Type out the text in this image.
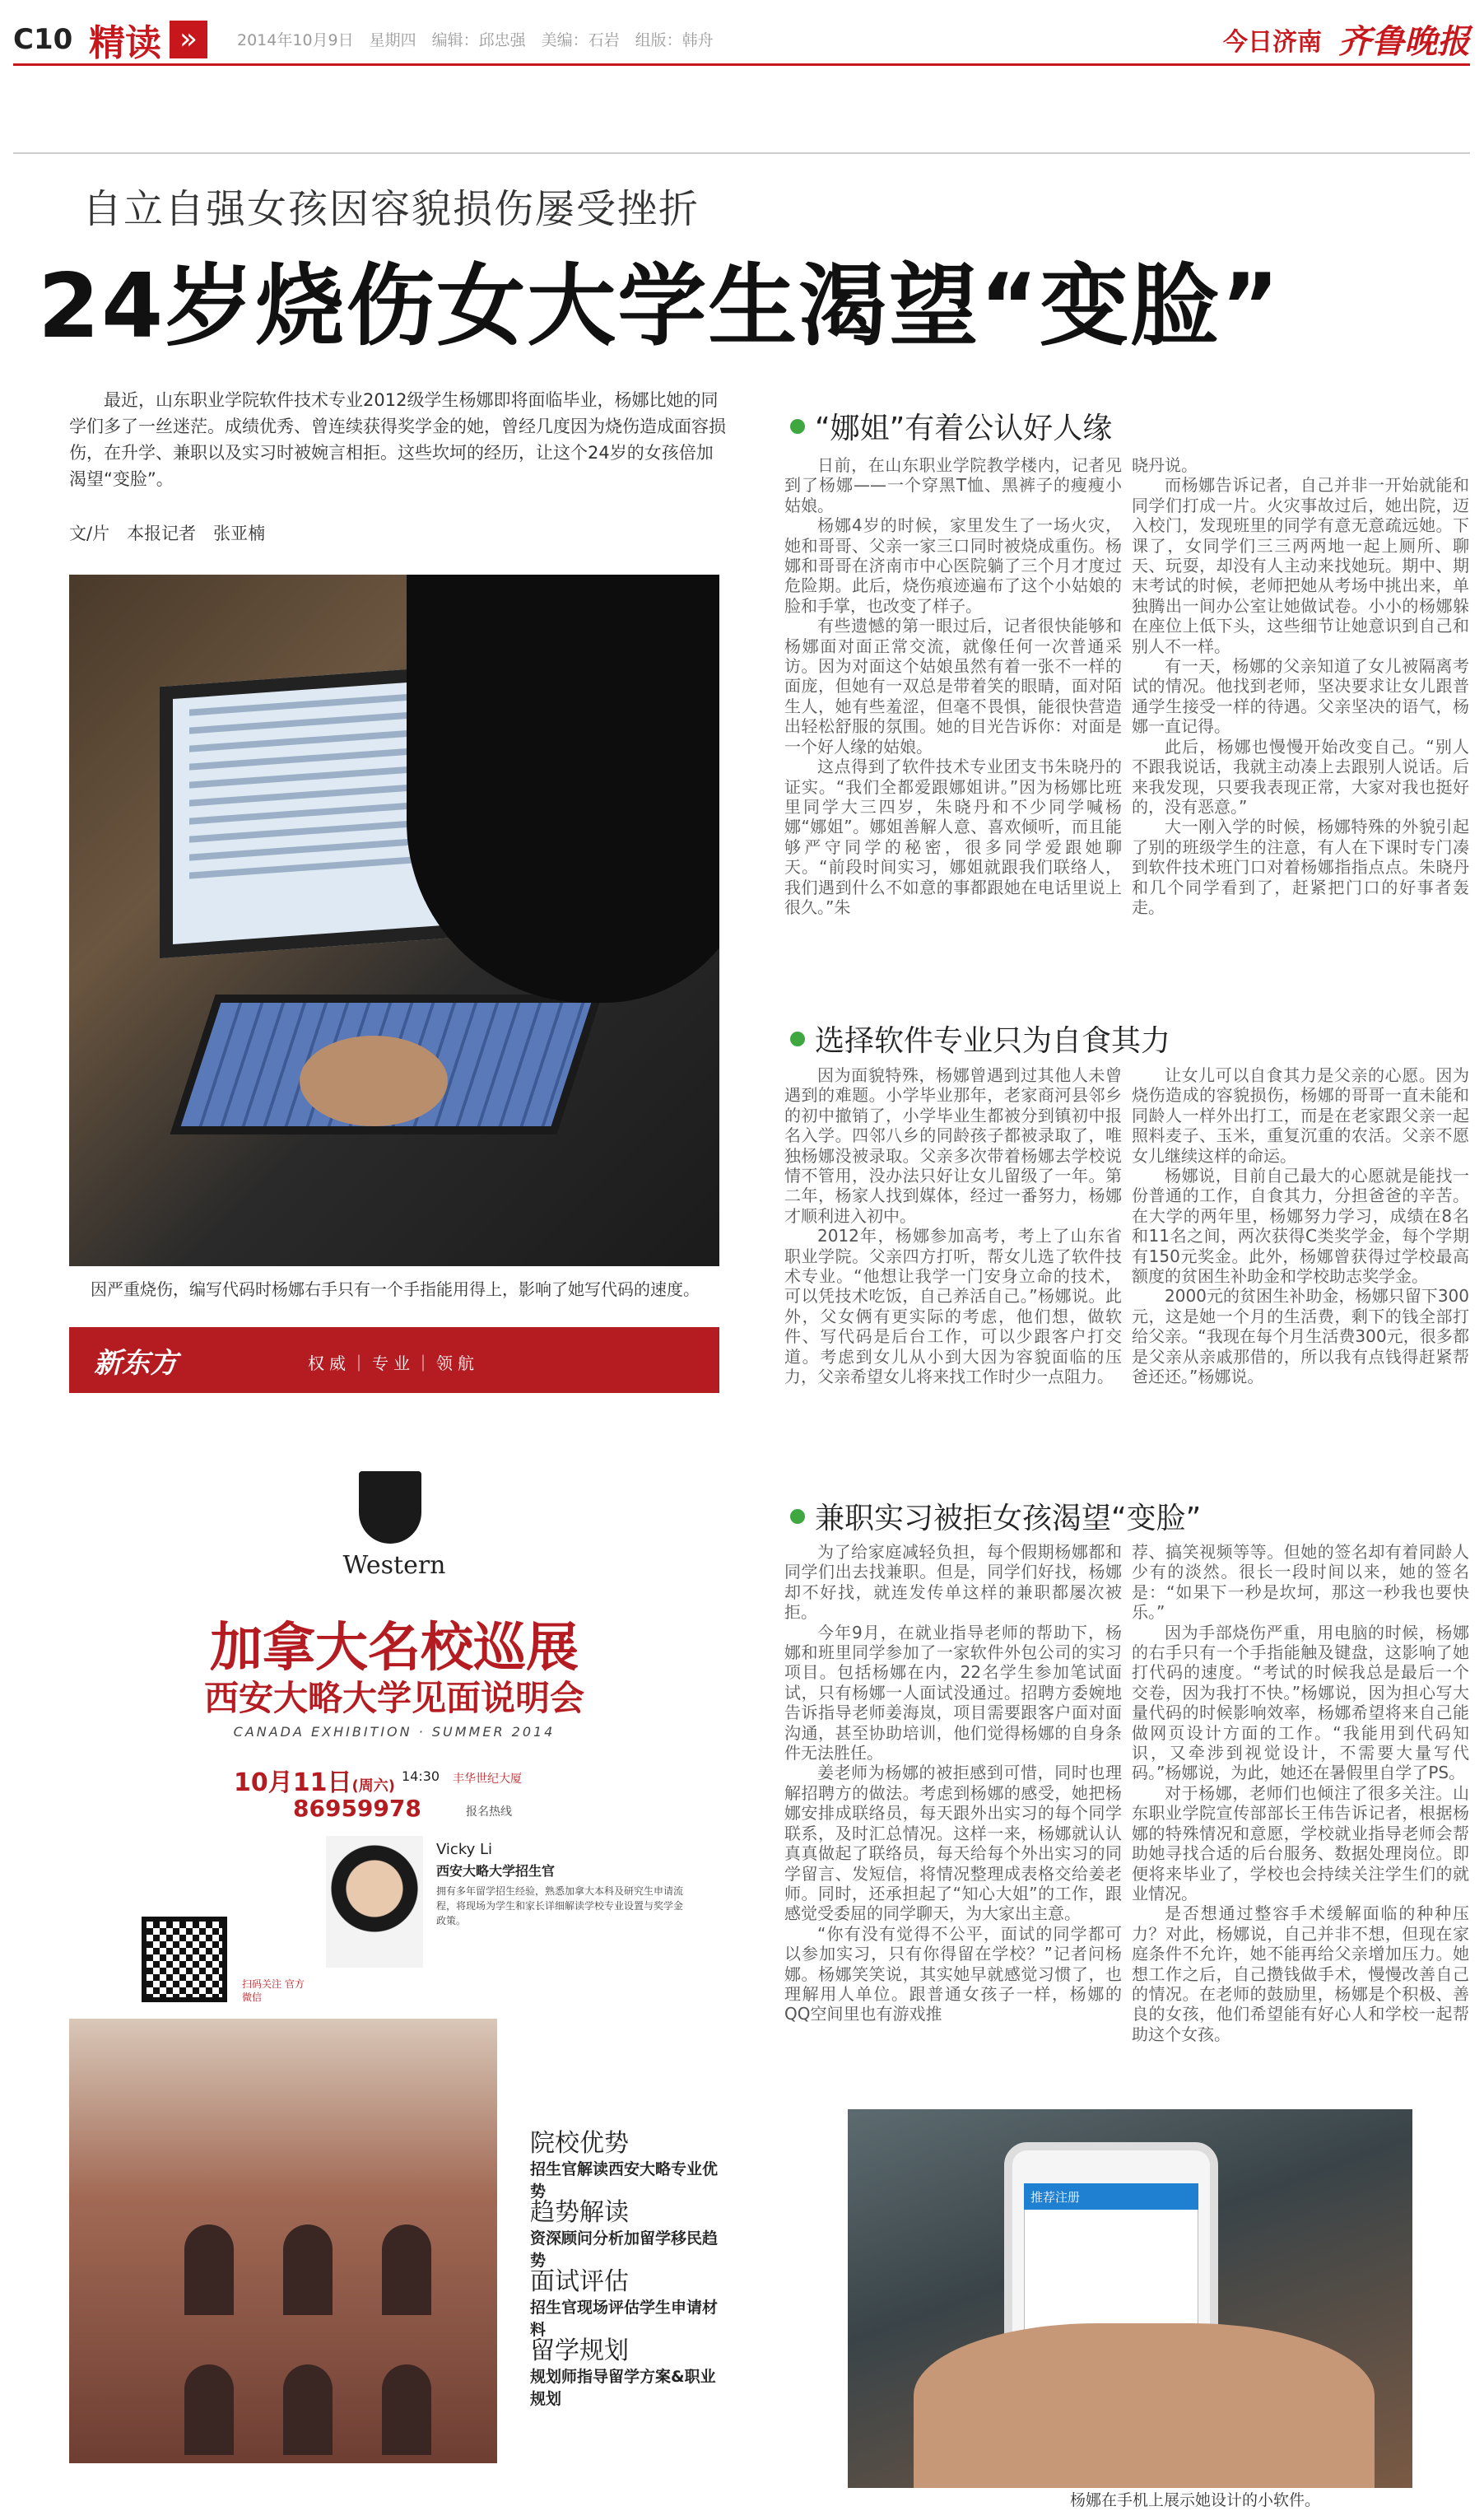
C10 精读 »	2014年10月9日　星期四　编辑：邱忠强　美编：石岩　组版：韩舟	今日济南 齐鲁晚报
自立自强女孩因容貌损伤屡受挫折
24岁烧伤女大学生渴望“变脸”

最近，山东职业学院软件技术专业2012级学生杨娜即将面临毕业，杨娜比她的同学们多了一丝迷茫。成绩优秀、曾连续获得奖学金的她，曾经几度因为烧伤造成面容损伤，在升学、兼职以及实习时被婉言相拒。这些坎坷的经历，让这个24岁的女孩倍加渴望“变脸”。

文/片　本报记者　张亚楠
因严重烧伤，编写代码时杨娜右手只有一个手指能用得上，影响了她写代码的速度。
新东方	权威｜专业｜领航
Western
加拿大名校巡展
西安大略大学见面说明会
CANADA EXHIBITION · SUMMER 2014
10月11日(周六)
14:30 丰华世纪大厦
86959978	报名热线
Vicky Li
西安大略大学招生官
拥有多年留学招生经验，熟悉加拿大本科及研究生申请流程，将现场为学生和家长详细解读学校专业设置与奖学金政策。
扫码关注 官方微信
院校优势
招生官解读西安大略专业优势
趋势解读
资深顾问分析加留学移民趋势
面试评估
招生官现场评估学生申请材料
留学规划
规划师指导留学方案&职业规划
“娜姐”有着公认好人缘

日前，在山东职业学院教学楼内，记者见到了杨娜——一个穿黑T恤、黑裤子的瘦瘦小姑娘。

杨娜4岁的时候，家里发生了一场火灾，她和哥哥、父亲一家三口同时被烧成重伤。杨娜和哥哥在济南市中心医院躺了三个月才度过危险期。此后，烧伤痕迹遍布了这个小姑娘的脸和手掌，也改变了样子。

有些遗憾的第一眼过后，记者很快能够和杨娜面对面正常交流，就像任何一次普通采访。因为对面这个姑娘虽然有着一张不一样的面庞，但她有一双总是带着笑的眼睛，面对陌生人，她有些羞涩，但毫不畏惧，能很快营造出轻松舒服的氛围。她的目光告诉你：对面是一个好人缘的姑娘。

这点得到了软件技术专业团支书朱晓丹的证实。“我们全都爱跟娜姐讲。”因为杨娜比班里同学大三四岁，朱晓丹和不少同学喊杨娜“娜姐”。娜姐善解人意、喜欢倾听，而且能够严守同学的秘密，很多同学爱跟她聊天。“前段时间实习，娜姐就跟我们联络人，我们遇到什么不如意的事都跟她在电话里说上很久。”朱

晓丹说。

而杨娜告诉记者，自己并非一开始就能和同学们打成一片。火灾事故过后，她出院，迈入校门，发现班里的同学有意无意疏远她。下课了，女同学们三三两两地一起上厕所、聊天、玩耍，却没有人主动来找她玩。期中、期末考试的时候，老师把她从考场中挑出来，单独腾出一间办公室让她做试卷。小小的杨娜躲在座位上低下头，这些细节让她意识到自己和别人不一样。

有一天，杨娜的父亲知道了女儿被隔离考试的情况。他找到老师，坚决要求让女儿跟普通学生接受一样的待遇。父亲坚决的语气，杨娜一直记得。

此后，杨娜也慢慢开始改变自己。“别人不跟我说话，我就主动凑上去跟别人说话。后来我发现，只要我表现正常，大家对我也挺好的，没有恶意。”

大一刚入学的时候，杨娜特殊的外貌引起了别的班级学生的注意，有人在下课时专门凑到软件技术班门口对着杨娜指指点点。朱晓丹和几个同学看到了，赶紧把门口的好事者轰走。

选择软件专业只为自食其力

因为面貌特殊，杨娜曾遇到过其他人未曾遇到的难题。小学毕业那年，老家商河县邻乡的初中撤销了，小学毕业生都被分到镇初中报名入学。四邻八乡的同龄孩子都被录取了，唯独杨娜没被录取。父亲多次带着杨娜去学校说情不管用，没办法只好让女儿留级了一年。第二年，杨家人找到媒体，经过一番努力，杨娜才顺利进入初中。

2012年，杨娜参加高考，考上了山东省职业学院。父亲四方打听，帮女儿选了软件技术专业。“他想让我学一门安身立命的技术，可以凭技术吃饭，自己养活自己。”杨娜说。此外，父女俩有更实际的考虑，他们想，做软件、写代码是后台工作，可以少跟客户打交道。考虑到女儿从小到大因为容貌面临的压力，父亲希望女儿将来找工作时少一点阻力。

让女儿可以自食其力是父亲的心愿。因为烧伤造成的容貌损伤，杨娜的哥哥一直未能和同龄人一样外出打工，而是在老家跟父亲一起照料麦子、玉米，重复沉重的农活。父亲不愿女儿继续这样的命运。

杨娜说，目前自己最大的心愿就是能找一份普通的工作，自食其力，分担爸爸的辛苦。在大学的两年里，杨娜努力学习，成绩在8名和11名之间，两次获得C类奖学金，每个学期有150元奖金。此外，杨娜曾获得过学校最高额度的贫困生补助金和学校助志奖学金。

2000元的贫困生补助金，杨娜只留下300元，这是她一个月的生活费，剩下的钱全部打给父亲。“我现在每个月生活费300元，很多都是父亲从亲戚那借的，所以我有点钱得赶紧帮爸还还。”杨娜说。

兼职实习被拒女孩渴望“变脸”

为了给家庭减轻负担，每个假期杨娜都和同学们出去找兼职。但是，同学们好找，杨娜却不好找，就连发传单这样的兼职都屡次被拒。

今年9月，在就业指导老师的帮助下，杨娜和班里同学参加了一家软件外包公司的实习项目。包括杨娜在内，22名学生参加笔试面试，只有杨娜一人面试没通过。招聘方委婉地告诉指导老师姜海岚，项目需要跟客户面对面沟通，甚至协助培训，他们觉得杨娜的自身条件无法胜任。

姜老师为杨娜的被拒感到可惜，同时也理解招聘方的做法。考虑到杨娜的感受，她把杨娜安排成联络员，每天跟外出实习的每个同学联系，及时汇总情况。这样一来，杨娜就认认真真做起了联络员，每天给每个外出实习的同学留言、发短信，将情况整理成表格交给姜老师。同时，还承担起了“知心大姐”的工作，跟感觉受委屈的同学聊天，为大家出主意。

“你有没有觉得不公平，面试的同学都可以参加实习，只有你得留在学校？”记者问杨娜。杨娜笑笑说，其实她早就感觉习惯了，也理解用人单位。跟普通女孩子一样，杨娜的QQ空间里也有游戏推

荐、搞笑视频等等。但她的签名却有着同龄人少有的淡然。很长一段时间以来，她的签名是：“如果下一秒是坎坷，那这一秒我也要快乐。”

因为手部烧伤严重，用电脑的时候，杨娜的右手只有一个手指能触及键盘，这影响了她打代码的速度。“考试的时候我总是最后一个交卷，因为我打不快。”杨娜说，因为担心写大量代码的时候影响效率，杨娜希望将来自己能做网页设计方面的工作。“我能用到代码知识，又牵涉到视觉设计，不需要大量写代码。”杨娜说，为此，她还在暑假里自学了PS。

对于杨娜，老师们也倾注了很多关注。山东职业学院宣传部部长王伟告诉记者，根据杨娜的特殊情况和意愿，学校就业指导老师会帮助她寻找合适的后台服务、数据处理岗位。即便将来毕业了，学校也会持续关注学生们的就业情况。

是否想通过整容手术缓解面临的种种压力？对此，杨娜说，自己并非不想，但现在家庭条件不允许，她不能再给父亲增加压力。她想工作之后，自己攒钱做手术，慢慢改善自己的情况。在老师的鼓励里，杨娜是个积极、善良的女孩，他们希望能有好心人和学校一起帮助这个女孩。

推荐注册
杨娜在手机上展示她设计的小软件。
